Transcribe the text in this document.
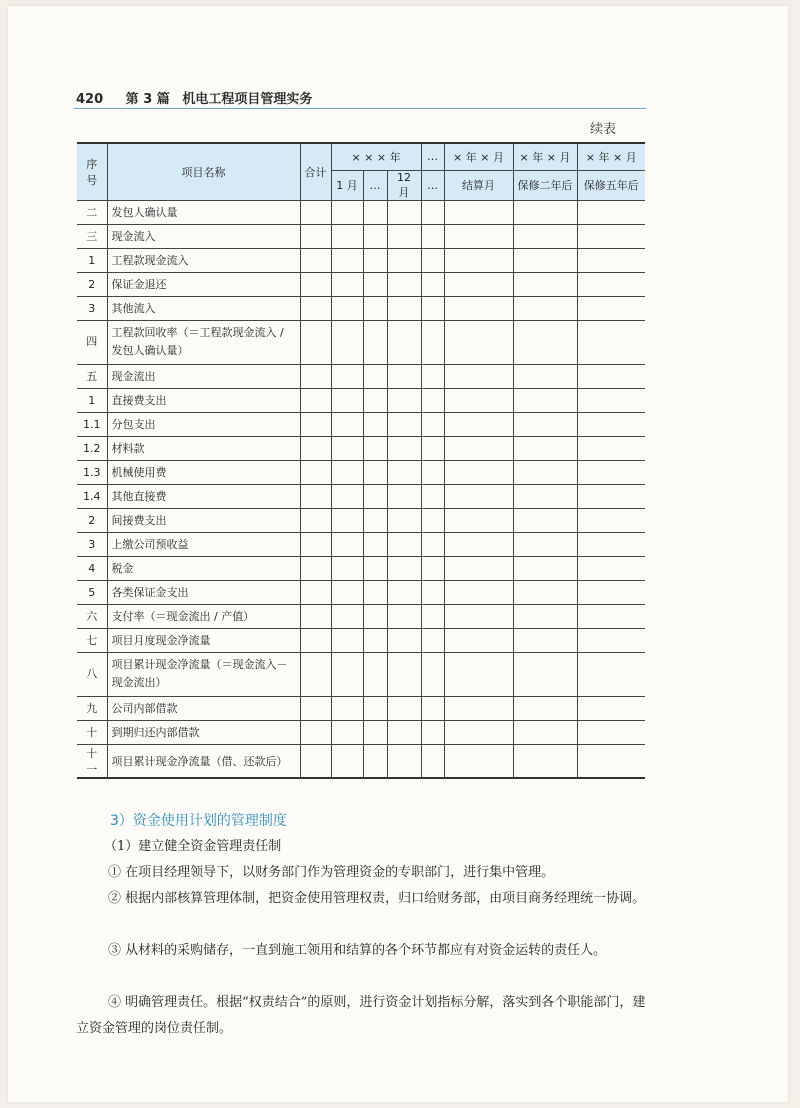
420 第 3 篇 机电工程项目管理实务
续表
序号	项目名称	合计	× × × 年			…	× 年 × 月	× 年 × 月	× 年 × 月
			1 月	…	12 月	…	结算月	保修二年后	保修五年后
二	发包人确认量								
三	现金流入								
1	工程款现金流入								
2	保证金退还								
3	其他流入								
四	工程款回收率（＝工程款现金流入 / 发包人确认量）								
五	现金流出								
1	直接费支出								
1.1	分包支出								
1.2	材料款								
1.3	机械使用费								
1.4	其他直接费								
2	间接费支出								
3	上缴公司预收益								
4	税金								
5	各类保证金支出								
六	支付率（＝现金流出 / 产值）								
七	项目月度现金净流量								
八	项目累计现金净流量（＝现金流入－现金流出）								
九	公司内部借款								
十	到期归还内部借款								
十一	项目累计现金净流量（借、还款后）								
3）资金使用计划的管理制度
（1）建立健全资金管理责任制
① 在项目经理领导下，以财务部门作为管理资金的专职部门，进行集中管理。
② 根据内部核算管理体制，把资金使用管理权责，归口给财务部，由项目商务经理统一协调。
③ 从材料的采购储存，一直到施工领用和结算的各个环节都应有对资金运转的责任人。
④ 明确管理责任。根据“权责结合”的原则，进行资金计划指标分解，落实到各个职能部门，建立资金管理的岗位责任制。
